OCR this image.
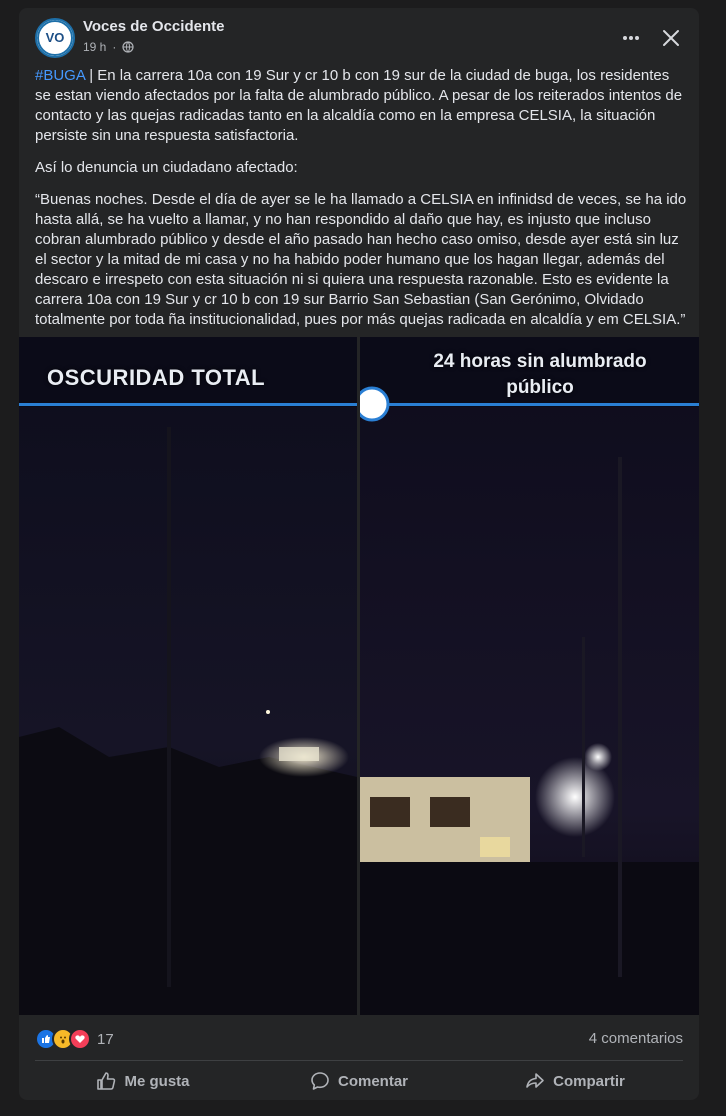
VO
Voces de Occidente
19 h ·

#BUGA | En la carrera 10a con 19 Sur y cr 10 b con 19 sur de la ciudad de buga, los residentes se estan viendo afectados por la falta de alumbrado público. A pesar de los reiterados intentos de contacto y las quejas radicadas tanto en la alcaldía como en la empresa CELSIA, la situación persiste sin una respuesta satisfactoria.

Así lo denuncia un ciudadano afectado:

“Buenas noches. Desde el día de ayer se le ha llamado a CELSIA en infinidsd de veces, se ha ido hasta allá, se ha vuelto a llamar, y no han respondido al daño que hay, es injusto que incluso cobran alumbrado público y desde el año pasado han hecho caso omiso, desde ayer está sin luz el sector y la mitad de mi casa y no ha habido poder humano que los hagan llegar, además del descaro e irrespeto con esta situación ni si quiera una respuesta razonable. Esto es evidente la carrera 10a con 19 Sur y cr 10 b con 19 sur Barrio San Sebastian (San Gerónimo, Olvidado totalmente por toda ña institucionalidad, pues por más quejas radicada en alcaldía y em CELSIA.”

OSCURIDAD TOTAL
24 horas sin alumbrado público
17	4 comentarios
Me gusta	Comentar	Compartir
